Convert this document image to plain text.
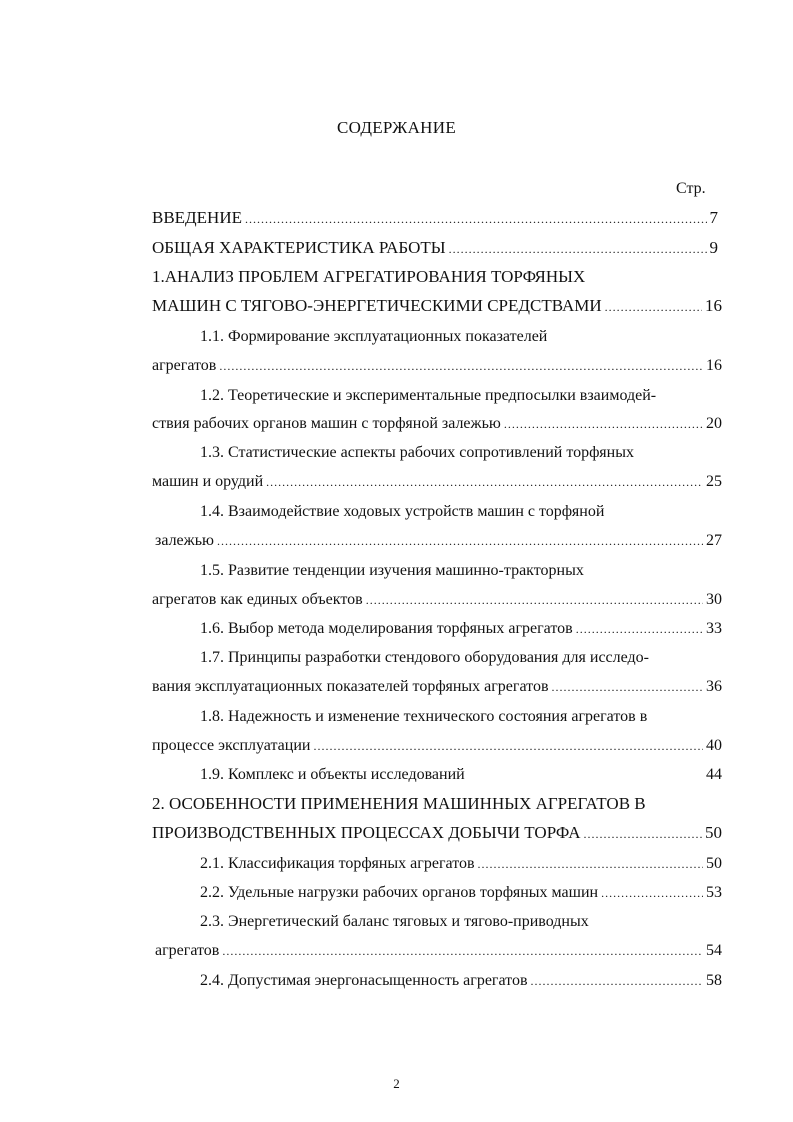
СОДЕРЖАНИЕ
Стр.
ВВЕДЕНИЕ .....	7
ОБЩАЯ ХАРАКТЕРИСТИКА РАБОТЫ .....	9
1.АНАЛИЗ ПРОБЛЕМ АГРЕГАТИРОВАНИЯ ТОРФЯНЫХ
МАШИН С ТЯГОВО-ЭНЕРГЕТИЧЕСКИМИ СРЕДСТВАМИ .....	16
1.1. Формирование эксплуатационных показателей
агрегатов .....	16
1.2. Теоретические и экспериментальные предпосылки взаимодей-
ствия рабочих органов машин с торфяной залежью .....	20
1.3. Статистические аспекты рабочих сопротивлений торфяных
машин и орудий .....	25
1.4. Взаимодействие ходовых устройств машин с торфяной
залежью .....	27
1.5. Развитие тенденции изучения машинно-тракторных
агрегатов как единых объектов .....	30
1.6. Выбор метода моделирования торфяных агрегатов .....	33
1.7. Принципы разработки стендового оборудования для исследо-
вания эксплуатационных показателей торфяных агрегатов .....	36
1.8. Надежность и изменение технического состояния агрегатов в
процессе эксплуатации .....	40
1.9. Комплекс и объекты исследований	44
2. ОСОБЕННОСТИ ПРИМЕНЕНИЯ МАШИННЫХ АГРЕГАТОВ В
ПРОИЗВОДСТВЕННЫХ ПРОЦЕССАХ ДОБЫЧИ ТОРФА .....	50
2.1. Классификация торфяных агрегатов .....	50
2.2. Удельные нагрузки рабочих органов торфяных машин .....	53
2.3. Энергетический баланс тяговых и тягово-приводных
агрегатов .....	54
2.4. Допустимая энергонасыщенность агрегатов .....	58
2
